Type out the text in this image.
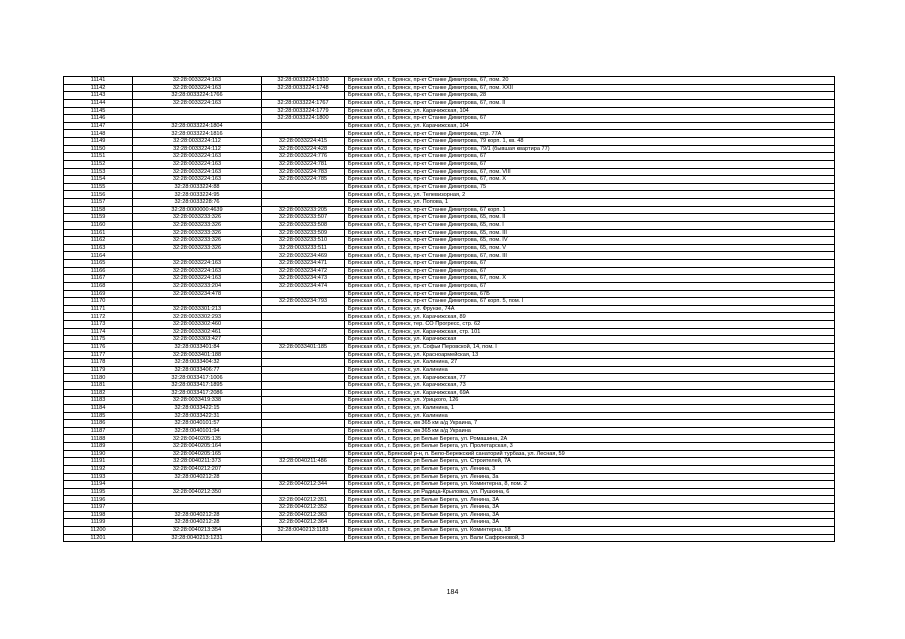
11141	32:28:0033224:163	32:28:0033224:1310	Брянская обл., г. Брянск, пр-кт Станке Димитрова, 67, пом. 20
11142	32:28:0033224:163	32:28:0033224:1748	Брянская обл., г. Брянск, пр-кт Станке Димитрова, 67, пом. XXII
11143	32:28:0033224:1766		Брянская обл., г. Брянск, пр-кт Станке Димитрова, 28
11144	32:28:0033224:163	32:28:0033224:1767	Брянская обл., г. Брянск, пр-кт Станке Димитрова, 67, пом. II
11145		32:28:0033224:1779	Брянская обл., г. Брянск, ул. Карачижская, 104
11146		32:28:0033224:1800	Брянская обл., г. Брянск, пр-кт Станке Димитрова, 67
11147	32:28:0033224:1804		Брянская обл., г. Брянск, ул. Карачижская, 104
11148	32:28:0033224:1816		Брянская обл., г. Брянск, пр-кт Станке Димитрова, стр. 77А
11149	32:28:0033224:112	32:28:0033224:415	Брянская обл., г. Брянск, пр-кт Станке Димитрова, 79 корп. 1, кв. 48
11150	32:28:0033224:112	32:28:0033224:428	Брянская обл., г. Брянск, пр-кт Станке Димитрова, 79/1 (бывшая квартира 77)
11151	32:28:0033224:163	32:28:0033224:776	Брянская обл., г. Брянск, пр-кт Станке Димитрова, 67
11152	32:28:0033224:163	32:28:0033224:781	Брянская обл., г. Брянск, пр-кт Станке Димитрова, 67
11153	32:28:0033224:163	32:28:0033224:783	Брянская обл., г. Брянск, пр-кт Станке Димитрова, 67, пом. VIII
11154	32:28:0033224:163	32:28:0033224:785	Брянская обл., г. Брянск, пр-кт Станке Димитрова, 67, пом. X
11155	32:28:0033224:88		Брянская обл., г. Брянск, пр-кт Станке Димитрова, 75
11156	32:28:0033224:95		Брянская обл., г. Брянск, ул. Телевизорная, 2
11157	32:28:0033228:76		Брянская обл., г. Брянск, ул. Попова, 1
11158	32:28:0000000:4639	32:28:0033233:205	Брянская обл., г. Брянск, пр-кт Станке Димитрова, 67 корп. 1
11159	32:28:0033233:326	32:28:0033233:507	Брянская обл., г. Брянск, пр-кт Станке Димитрова, 65, пом. II
11160	32:28:0033233:326	32:28:0033233:508	Брянская обл., г. Брянск, пр-кт Станке Димитрова, 65, пом. I
11161	32:28:0033233:326	32:28:0033233:509	Брянская обл., г. Брянск, пр-кт Станке Димитрова, 65, пом. III
11162	32:28:0033233:326	32:28:0033233:510	Брянская обл., г. Брянск, пр-кт Станке Димитрова, 65, пом. IV
11163	32:28:0033233:326	32:28:0033233:511	Брянская обл., г. Брянск, пр-кт Станке Димитрова, 65, пом. V
11164		32:28:0033234:469	Брянская обл., г. Брянск, пр-кт Станке Димитрова, 67, пом. III
11165	32:28:0033224:163	32:28:0033234:471	Брянская обл., г. Брянск, пр-кт Станке Димитрова, 67
11166	32:28:0033224:163	32:28:0033234:472	Брянская обл., г. Брянск, пр-кт Станке Димитрова, 67
11167	32:28:0033224:163	32:28:0033234:473	Брянская обл., г. Брянск, пр-кт Станке Димитрова, 67, пом. X
11168	32:28:0033233:204	32:28:0033234:474	Брянская обл., г. Брянск, пр-кт Станке Димитрова, 67
11169	32:28:0033234:478		Брянская обл., г. Брянск, пр-кт Станке Димитрова, 67Б
11170		32:28:0033234:793	Брянская обл., г. Брянск, пр-кт Станке Димитрова, 67 корп. 5, пом. I
11171	32:28:0033301:213		Брянская обл., г. Брянск, ул. Фрунзе, 74А
11172	32:28:0033302:293		Брянская обл., г. Брянск, ул. Карачижская, 89
11173	32:28:0033302:460		Брянская обл., г. Брянск, тер. СО Прогресс, стр. 62
11174	32:28:0033302:461		Брянская обл., г. Брянск, ул. Карачижская, стр. 101
11175	32:28:0033303:427		Брянская обл., г. Брянск, ул. Карачижская
11176	32:28:0033401:84	32:28:0033401:185	Брянская обл., г. Брянск, ул. Софьи Перовской, 14, пом. I
11177	32:28:0033401:188		Брянская обл., г. Брянск, ул. Красноармейская, 13
11178	32:28:0033404:32		Брянская обл., г. Брянск, ул. Калинина, 27
11179	32:28:0033406:77		Брянская обл., г. Брянск, ул. Калинина
11180	32:28:0033417:1006		Брянская обл., г. Брянск, ул. Карачижская, 77
11181	32:28:0033417:1895		Брянская обл., г. Брянск, ул. Карачижская, 73
11182	32:28:0033417:2086		Брянская обл., г. Брянск, ул. Карачижская, 69А
11183	32:28:0033419:338		Брянская обл., г. Брянск, ул. Урицкого, 126
11184	32:28:0033422:15		Брянская обл., г. Брянск, ул. Калинина, 1
11185	32:28:0033422:31		Брянская обл., г. Брянск, ул. Калинина
11186	32:28:0040101:57		Брянская обл., г. Брянск, км 365 км а/д Украина, 7
11187	32:28:0040101:94		Брянская обл., г. Брянск, км 365 км а/д Украина
11188	32:28:0040205:135		Брянская обл., г. Брянск, рп Белые Берега, ул. Ромашина, 2А
11189	32:28:0040205:164		Брянская обл., г. Брянск, рп Белые Берега, ул. Пролетарская, 3
11190	32:28:0040205:165		Брянская обл., Брянский р-н, п. Бело-Бережский санаторий турбаза, ул. Лесная, 59
11191	32:28:0040211:373	32:28:0040211:486	Брянская обл., г. Брянск, рп Белые Берега, ул. Строителей, 7А
11192	32:28:0040212:207		Брянская обл., г. Брянск, рп Белые Берега, ул. Ленина, 3
11193	32:28:0040212:28		Брянская обл., г. Брянск, рп Белые Берега, ул. Ленина, 3а
11194		32:28:0040212:344	Брянская обл., г. Брянск, рп Белые Берега, ул. Коминтерна, 8, пом. 2
11195	32:28:0040212:350		Брянская обл., г. Брянск, рп Радица-Крыловка, ул. Пушкина, 6
11196		32:28:0040212:351	Брянская обл., г. Брянск, рп Белые Берега, ул. Ленина, 3А
11197		32:28:0040212:352	Брянская обл., г. Брянск, рп Белые Берега, ул. Ленина, 3А
11198	32:28:0040212:28	32:28:0040212:363	Брянская обл., г. Брянск, рп Белые Берега, ул. Ленина, 3А
11199	32:28:0040212:28	32:28:0040212:364	Брянская обл., г. Брянск, рп Белые Берега, ул. Ленина, 3А
11200	32:28:0040213:354	32:28:0040213:1183	Брянская обл., г. Брянск, рп Белые Берега, ул. Коминтерна, 18
11201	32:28:0040213:1231		Брянская обл., г. Брянск, рп Белые Берега, ул. Вали Сафроновой, 3
184
